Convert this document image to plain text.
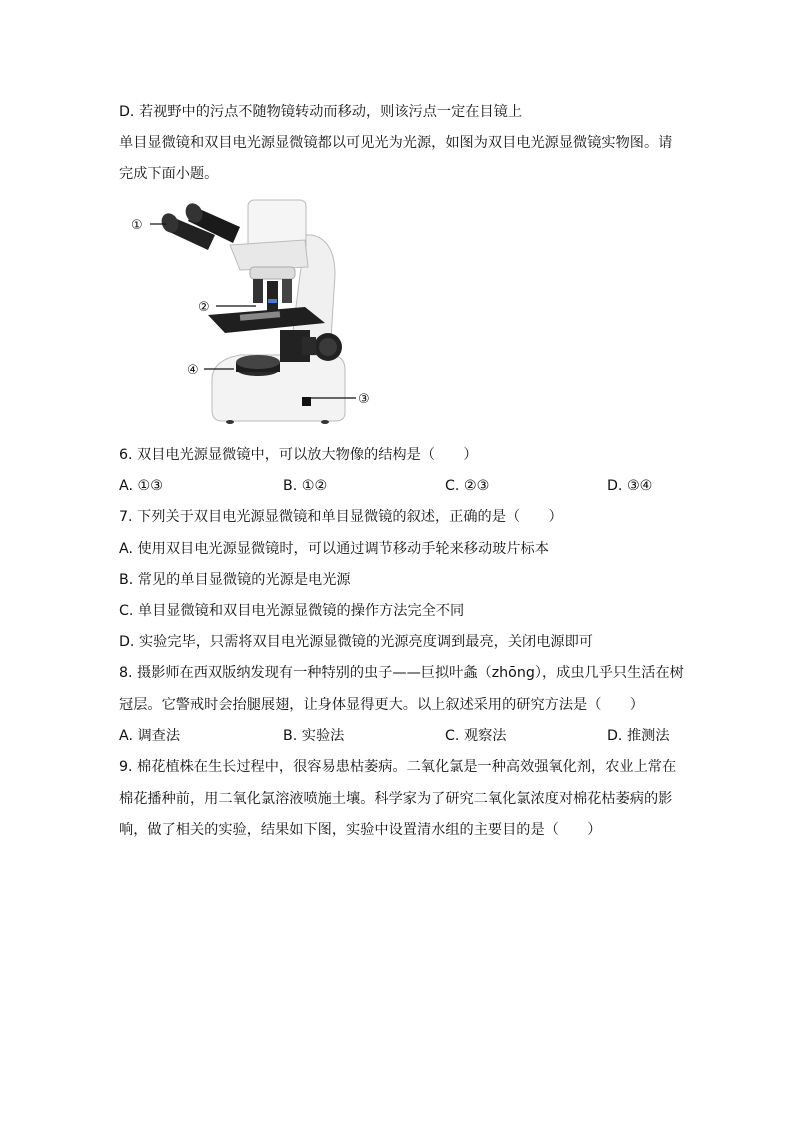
D. 若视野中的污点不随物镜转动而移动，则该污点一定在目镜上
单目显微镜和双目电光源显微镜都以可见光为光源，如图为双目电光源显微镜实物图。请
完成下面小题。
①
②
③
④
6. 双目电光源显微镜中，可以放大物像的结构是（　　）
A. ①③	B. ①②	C. ②③	D. ③④
7. 下列关于双目电光源显微镜和单目显微镜的叙述，正确的是（　　）
A. 使用双目电光源显微镜时，可以通过调节移动手轮来移动玻片标本
B. 常见的单目显微镜的光源是电光源
C. 单目显微镜和双目电光源显微镜的操作方法完全不同
D. 实验完毕，只需将双目电光源显微镜的光源亮度调到最亮，关闭电源即可
8. 摄影师在西双版纳发现有一种特别的虫子——巨拟叶螽（zhōng），成虫几乎只生活在树
冠层。它警戒时会抬腿展翅，让身体显得更大。以上叙述采用的研究方法是（　　）
A. 调查法	B. 实验法	C. 观察法	D. 推测法
9. 棉花植株在生长过程中，很容易患枯萎病。二氧化氯是一种高效强氧化剂，农业上常在
棉花播种前，用二氧化氯溶液喷施土壤。科学家为了研究二氧化氯浓度对棉花枯萎病的影
响，做了相关的实验，结果如下图，实验中设置清水组的主要目的是（　　）
